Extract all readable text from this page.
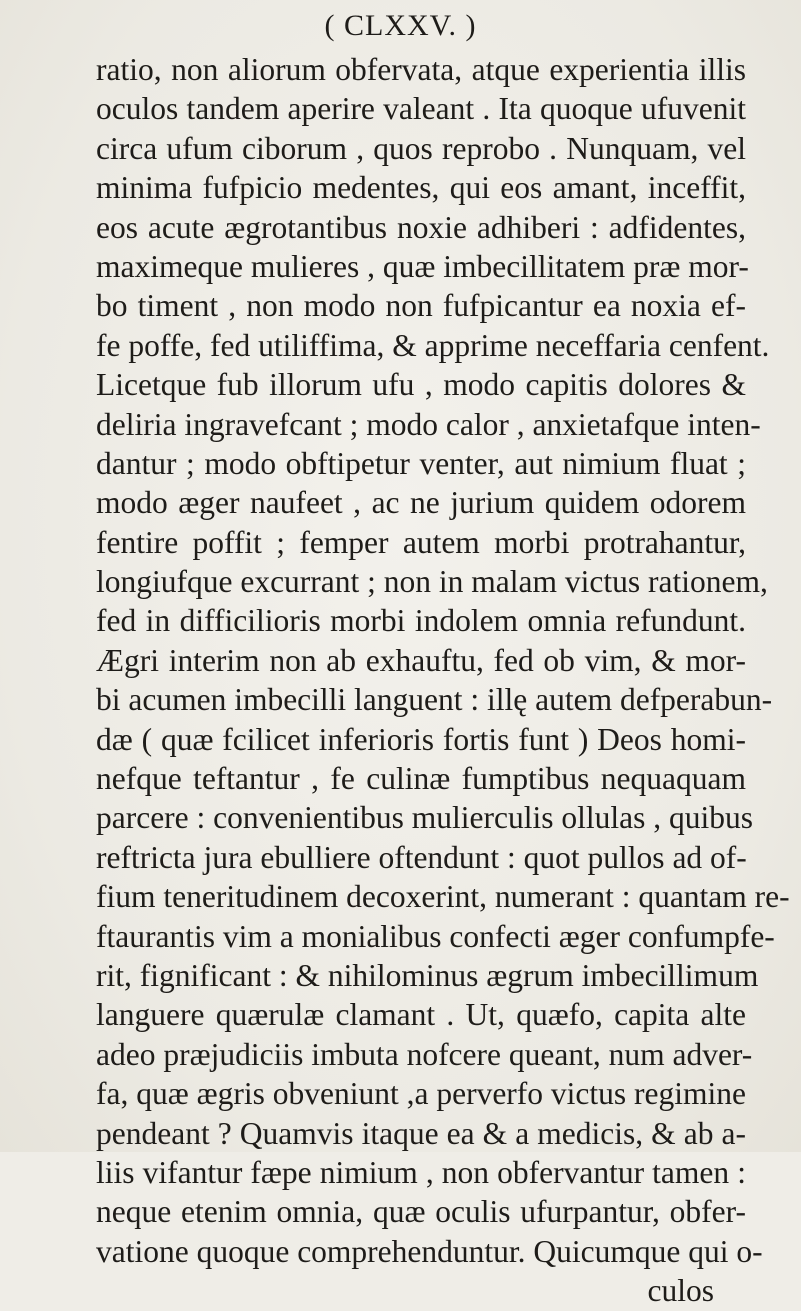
( CLXXV. )
ratio, non aliorum obfervata, atque experientia illis
oculos tandem aperire valeant . Ita quoque ufuvenit
circa ufum ciborum , quos reprobo . Nunquam, vel
minima fufpicio medentes, qui eos amant, inceffit,
eos acute ægrotantibus noxie adhiberi : adfidentes,
maximeque mulieres , quæ imbecillitatem præ mor-
bo timent , non modo non fufpicantur ea noxia ef-
fe poffe, fed utiliffima, & apprime neceffaria cenfent.
Licetque fub illorum ufu , modo capitis dolores &
deliria ingravefcant ; modo calor , anxietafque inten-
dantur ; modo obftipetur venter, aut nimium fluat ;
modo æger naufeet , ac ne jurium quidem odorem
fentire poffit ; femper autem morbi protrahantur,
longiufque excurrant ; non in malam victus rationem,
fed in difficilioris morbi indolem omnia refundunt.
Ægri interim non ab exhauftu, fed ob vim, & mor-
bi acumen imbecilli languent : illę autem defperabun-
dæ ( quæ fcilicet inferioris fortis funt ) Deos homi-
nefque teftantur , fe culinæ fumptibus nequaquam
parcere : convenientibus mulierculis ollulas , quibus
reftricta jura ebulliere oftendunt : quot pullos ad of-
fium teneritudinem decoxerint, numerant : quantam re-
ftaurantis vim a monialibus confecti æger confumpfe-
rit, fignificant : & nihilominus ægrum imbecillimum
languere quærulæ clamant . Ut, quæfo, capita alte
adeo præjudiciis imbuta nofcere queant, num adver-
fa, quæ ægris obveniunt ,a perverfo victus regimine
pendeant ? Quamvis itaque ea & a medicis, & ab a-
liis vifantur fæpe nimium , non obfervantur tamen :
neque etenim omnia, quæ oculis ufurpantur, obfer-
vatione quoque comprehenduntur. Quicumque qui o-
culos
